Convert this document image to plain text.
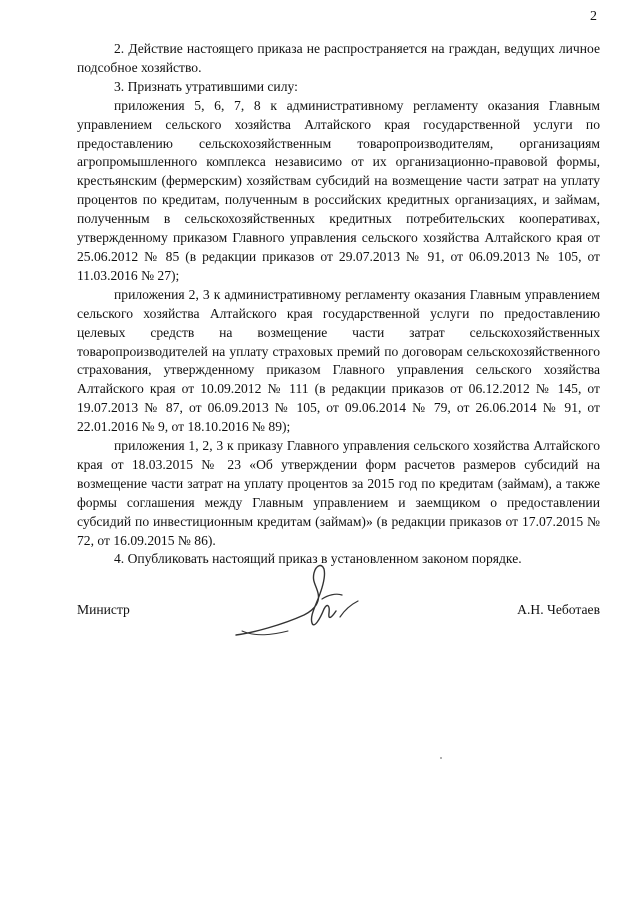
2

2. Действие настоящего приказа не распространяется на граждан, ведущих личное подсобное хозяйство.

3. Признать утратившими силу:

приложения 5, 6, 7, 8 к административному регламенту оказания Главным управлением сельского хозяйства Алтайского края государственной услуги по предоставлению сельскохозяйственным товаропроизводителям, организациям агропромышленного комплекса независимо от их организационно-правовой формы, крестьянским (фермерским) хозяйствам субсидий на возмещение части затрат на уплату процентов по кредитам, полученным в российских кредитных организациях, и займам, полученным в сельскохозяйственных кредитных потребительских кооперативах, утвержденному приказом Главного управления сельского хозяйства Алтайского края от 25.06.2012 № 85 (в редакции приказов от 29.07.2013 № 91, от 06.09.2013 № 105, от 11.03.2016 № 27);

приложения 2, 3 к административному регламенту оказания Главным управлением сельского хозяйства Алтайского края государственной услуги по предоставлению целевых средств на возмещение части затрат сельскохозяйственных товаропроизводителей на уплату страховых премий по договорам сельскохозяйственного страхования, утвержденному приказом Главного управления сельского хозяйства Алтайского края от 10.09.2012 № 111 (в редакции приказов от 06.12.2012 № 145, от 19.07.2013 № 87, от 06.09.2013 № 105, от 09.06.2014 № 79, от 26.06.2014 № 91, от 22.01.2016 № 9, от 18.10.2016 № 89);

приложения 1, 2, 3 к приказу Главного управления сельского хозяйства Алтайского края от 18.03.2015 № 23 «Об утверждении форм расчетов размеров субсидий на возмещение части затрат на уплату процентов за 2015 год по кредитам (займам), а также формы соглашения между Главным управлением и заемщиком о предоставлении субсидий по инвестиционным кредитам (займам)» (в редакции приказов от 17.07.2015 № 72, от 16.09.2015 № 86).

4. Опубликовать настоящий приказ в установленном законом порядке.

Министр	А.Н. Чеботаев
